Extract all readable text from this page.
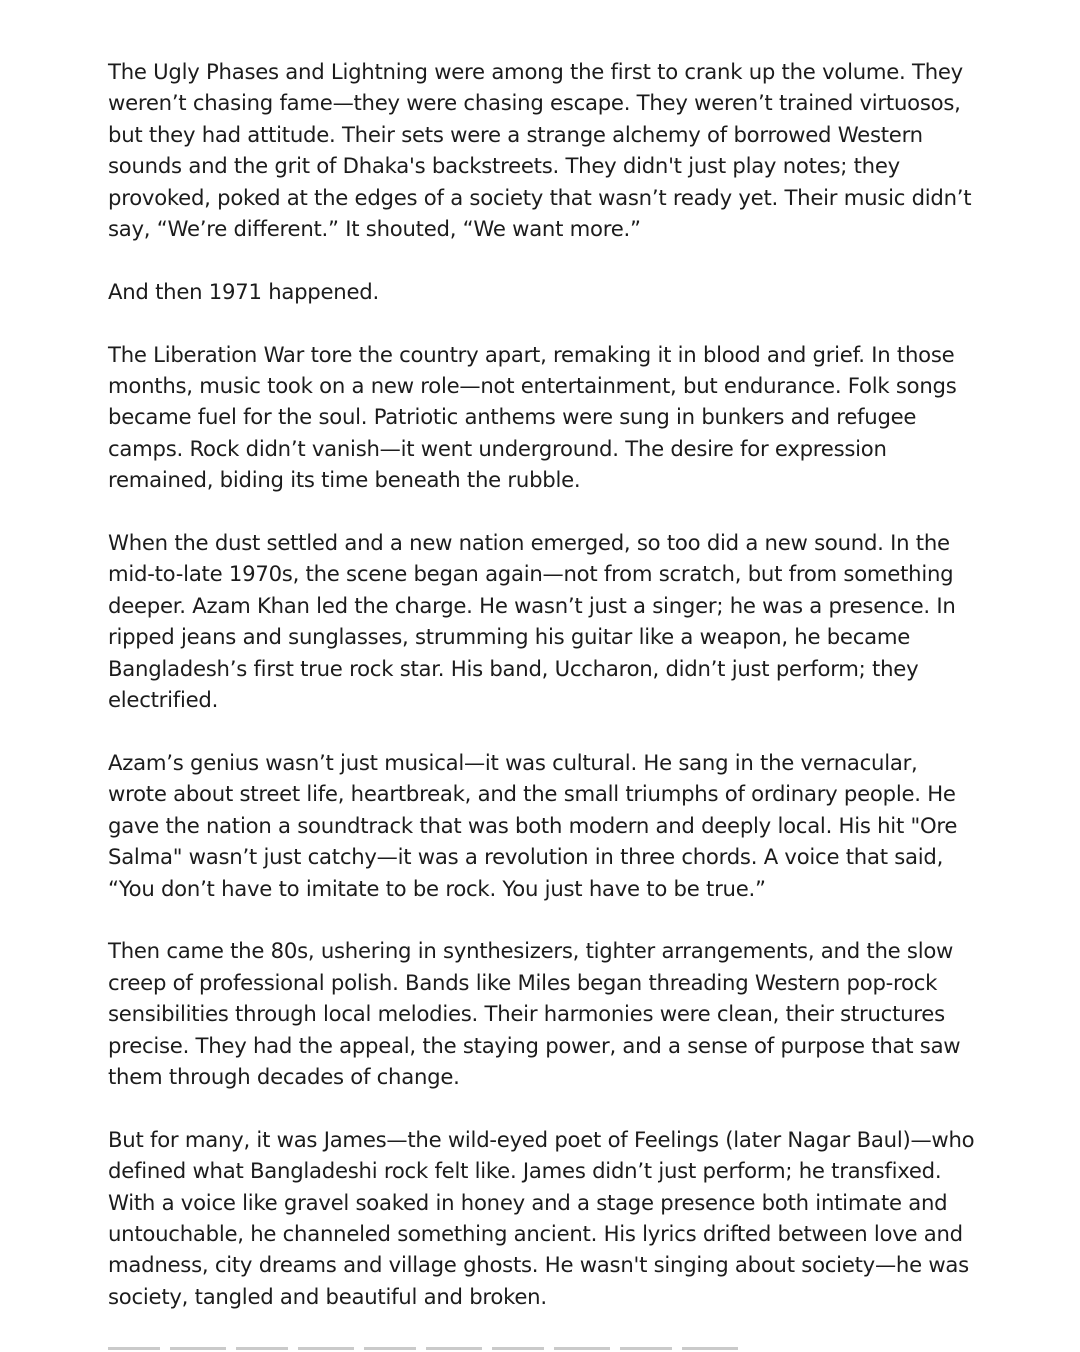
The Ugly Phases and Lightning were among the first to crank up the volume. They weren’t chasing fame—they were chasing escape. They weren’t trained virtuosos, but they had attitude. Their sets were a strange alchemy of borrowed Western sounds and the grit of Dhaka's backstreets. They didn't just play notes; they provoked, poked at the edges of a society that wasn’t ready yet. Their music didn’t say, “We’re different.” It shouted, “We want more.”

And then 1971 happened.

The Liberation War tore the country apart, remaking it in blood and grief. In those months, music took on a new role—not entertainment, but endurance. Folk songs became fuel for the soul. Patriotic anthems were sung in bunkers and refugee camps. Rock didn’t vanish—it went underground. The desire for expression remained, biding its time beneath the rubble.

When the dust settled and a new nation emerged, so too did a new sound. In the mid-to-late 1970s, the scene began again—not from scratch, but from something deeper. Azam Khan led the charge. He wasn’t just a singer; he was a presence. In ripped jeans and sunglasses, strumming his guitar like a weapon, he became Bangladesh’s first true rock star. His band, Uccharon, didn’t just perform; they electrified.

Azam’s genius wasn’t just musical—it was cultural. He sang in the vernacular, wrote about street life, heartbreak, and the small triumphs of ordinary people. He gave the nation a soundtrack that was both modern and deeply local. His hit "Ore Salma" wasn’t just catchy—it was a revolution in three chords. A voice that said, “You don’t have to imitate to be rock. You just have to be true.”

Then came the 80s, ushering in synthesizers, tighter arrangements, and the slow creep of professional polish. Bands like Miles began threading Western pop-rock sensibilities through local melodies. Their harmonies were clean, their structures precise. They had the appeal, the staying power, and a sense of purpose that saw them through decades of change.

But for many, it was James—the wild-eyed poet of Feelings (later Nagar Baul)—who defined what Bangladeshi rock felt like. James didn’t just perform; he transfixed. With a voice like gravel soaked in honey and a stage presence both intimate and untouchable, he channeled something ancient. His lyrics drifted between love and madness, city dreams and village ghosts. He wasn't singing about society—he was society, tangled and beautiful and broken.
